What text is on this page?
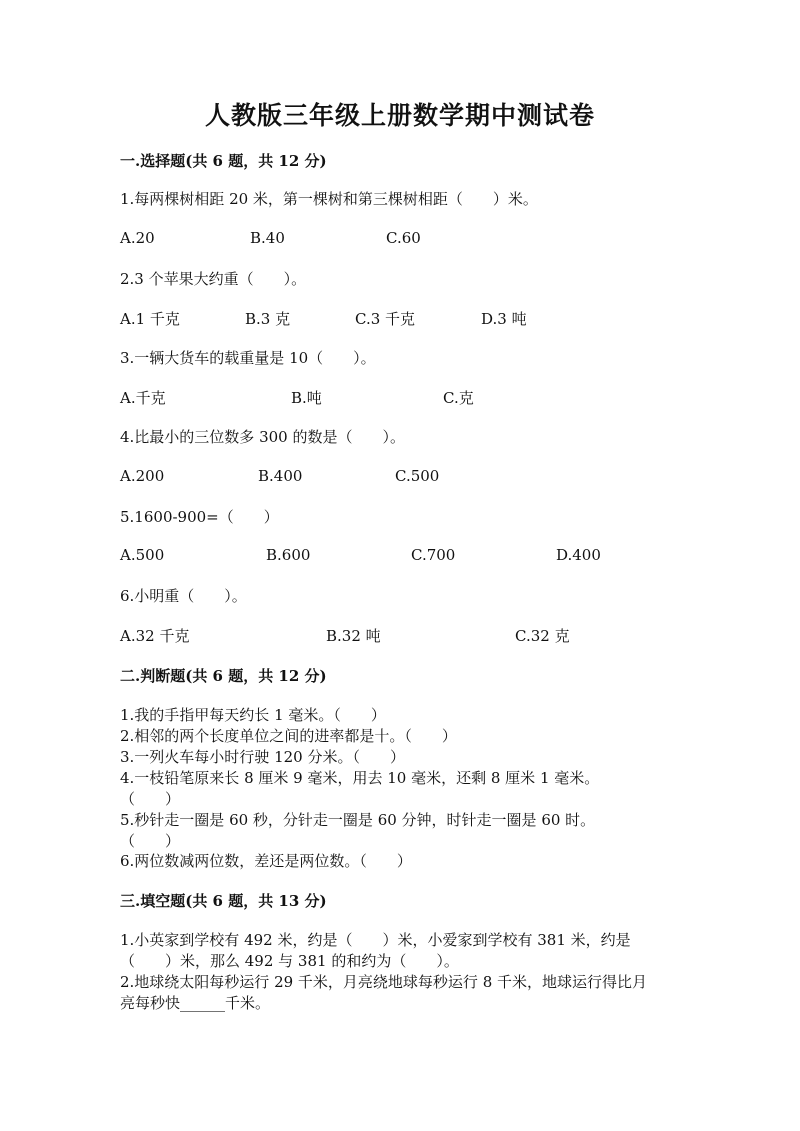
人教版三年级上册数学期中测试卷
一.选择题(共 6 题，共 12 分)
1.每两棵树相距 20 米，第一棵树和第三棵树相距（　　）米。
A.20	B.40	C.60
2.3 个苹果大约重（　　）。
A.1 千克	B.3 克	C.3 千克	D.3 吨
3.一辆大货车的载重量是 10（　　）。
A.千克	B.吨	C.克
4.比最小的三位数多 300 的数是（　　）。
A.200	B.400	C.500
5.1600-900=（　　）
A.500	B.600	C.700	D.400
6.小明重（　　）。
A.32 千克	B.32 吨	C.32 克
二.判断题(共 6 题，共 12 分)
1.我的手指甲每天约长 1 毫米。（　　）
2.相邻的两个长度单位之间的进率都是十。（　　）
3.一列火车每小时行驶 120 分米。（　　）
4.一枝铅笔原来长 8 厘米 9 毫米，用去 10 毫米，还剩 8 厘米 1 毫米。
（　　）
5.秒针走一圈是 60 秒，分针走一圈是 60 分钟，时针走一圈是 60 时。
（　　）
6.两位数减两位数，差还是两位数。（　　）
三.填空题(共 6 题，共 13 分)
1.小英家到学校有 492 米，约是（　　）米，小爱家到学校有 381 米，约是
（　　）米，那么 492 与 381 的和约为（　　）。
2.地球绕太阳每秒运行 29 千米，月亮绕地球每秒运行 8 千米，地球运行得比月
亮每秒快______千米。
